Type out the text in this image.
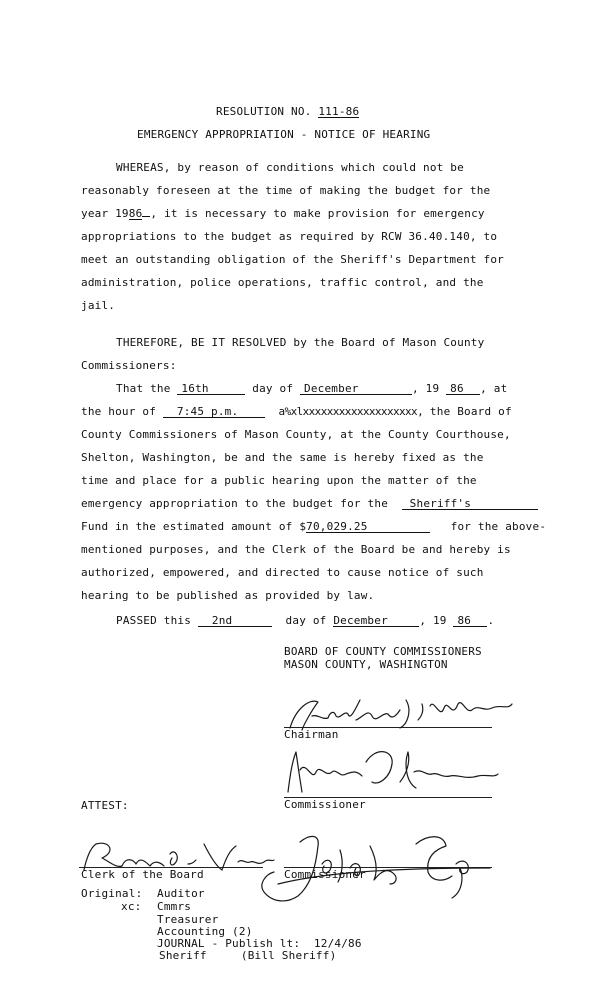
RESOLUTION NO. 111-86
EMERGENCY APPROPRIATION - NOTICE OF HEARING
WHEREAS, by reason of conditions which could not be
reasonably foreseen at the time of making the budget for the
year 1986 , it is necessary to make provision for emergency
appropriations to the budget as required by RCW 36.40.140, to
meet an outstanding obligation of the Sheriff's Department for
administration, police operations, traffic control, and the
jail.
THEREFORE, BE IT RESOLVED by the Board of Mason County
Commissioners:
That the 16th	day of December	, 19 86 , at
the hour of 7:45 p.m.	a%xlxxxxxxxxxxxxxxxxxxx, the Board of
County Commissioners of Mason County, at the County Courthouse,
Shelton, Washington, be and the same is hereby fixed as the
time and place for a public hearing upon the matter of the
emergency appropriation to the budget for the Sheriff's
Fund in the estimated amount of $70,029.25	for the above-
mentioned purposes, and the Clerk of the Board be and hereby is
authorized, empowered, and directed to cause notice of such
hearing to be published as provided by law.
PASSED this 2nd	day of December	, 19 86 .
BOARD OF COUNTY COMMISSIONERS
MASON COUNTY, WASHINGTON
Chairman
Commissioner
ATTEST:
Clerk of the Board	Commissioner
Original: Auditor
xc: Cmmrs
Treasurer
Accounting (2)
JOURNAL - Publish lt:  12/4/86
Sheriff     (Bill Sheriff)
